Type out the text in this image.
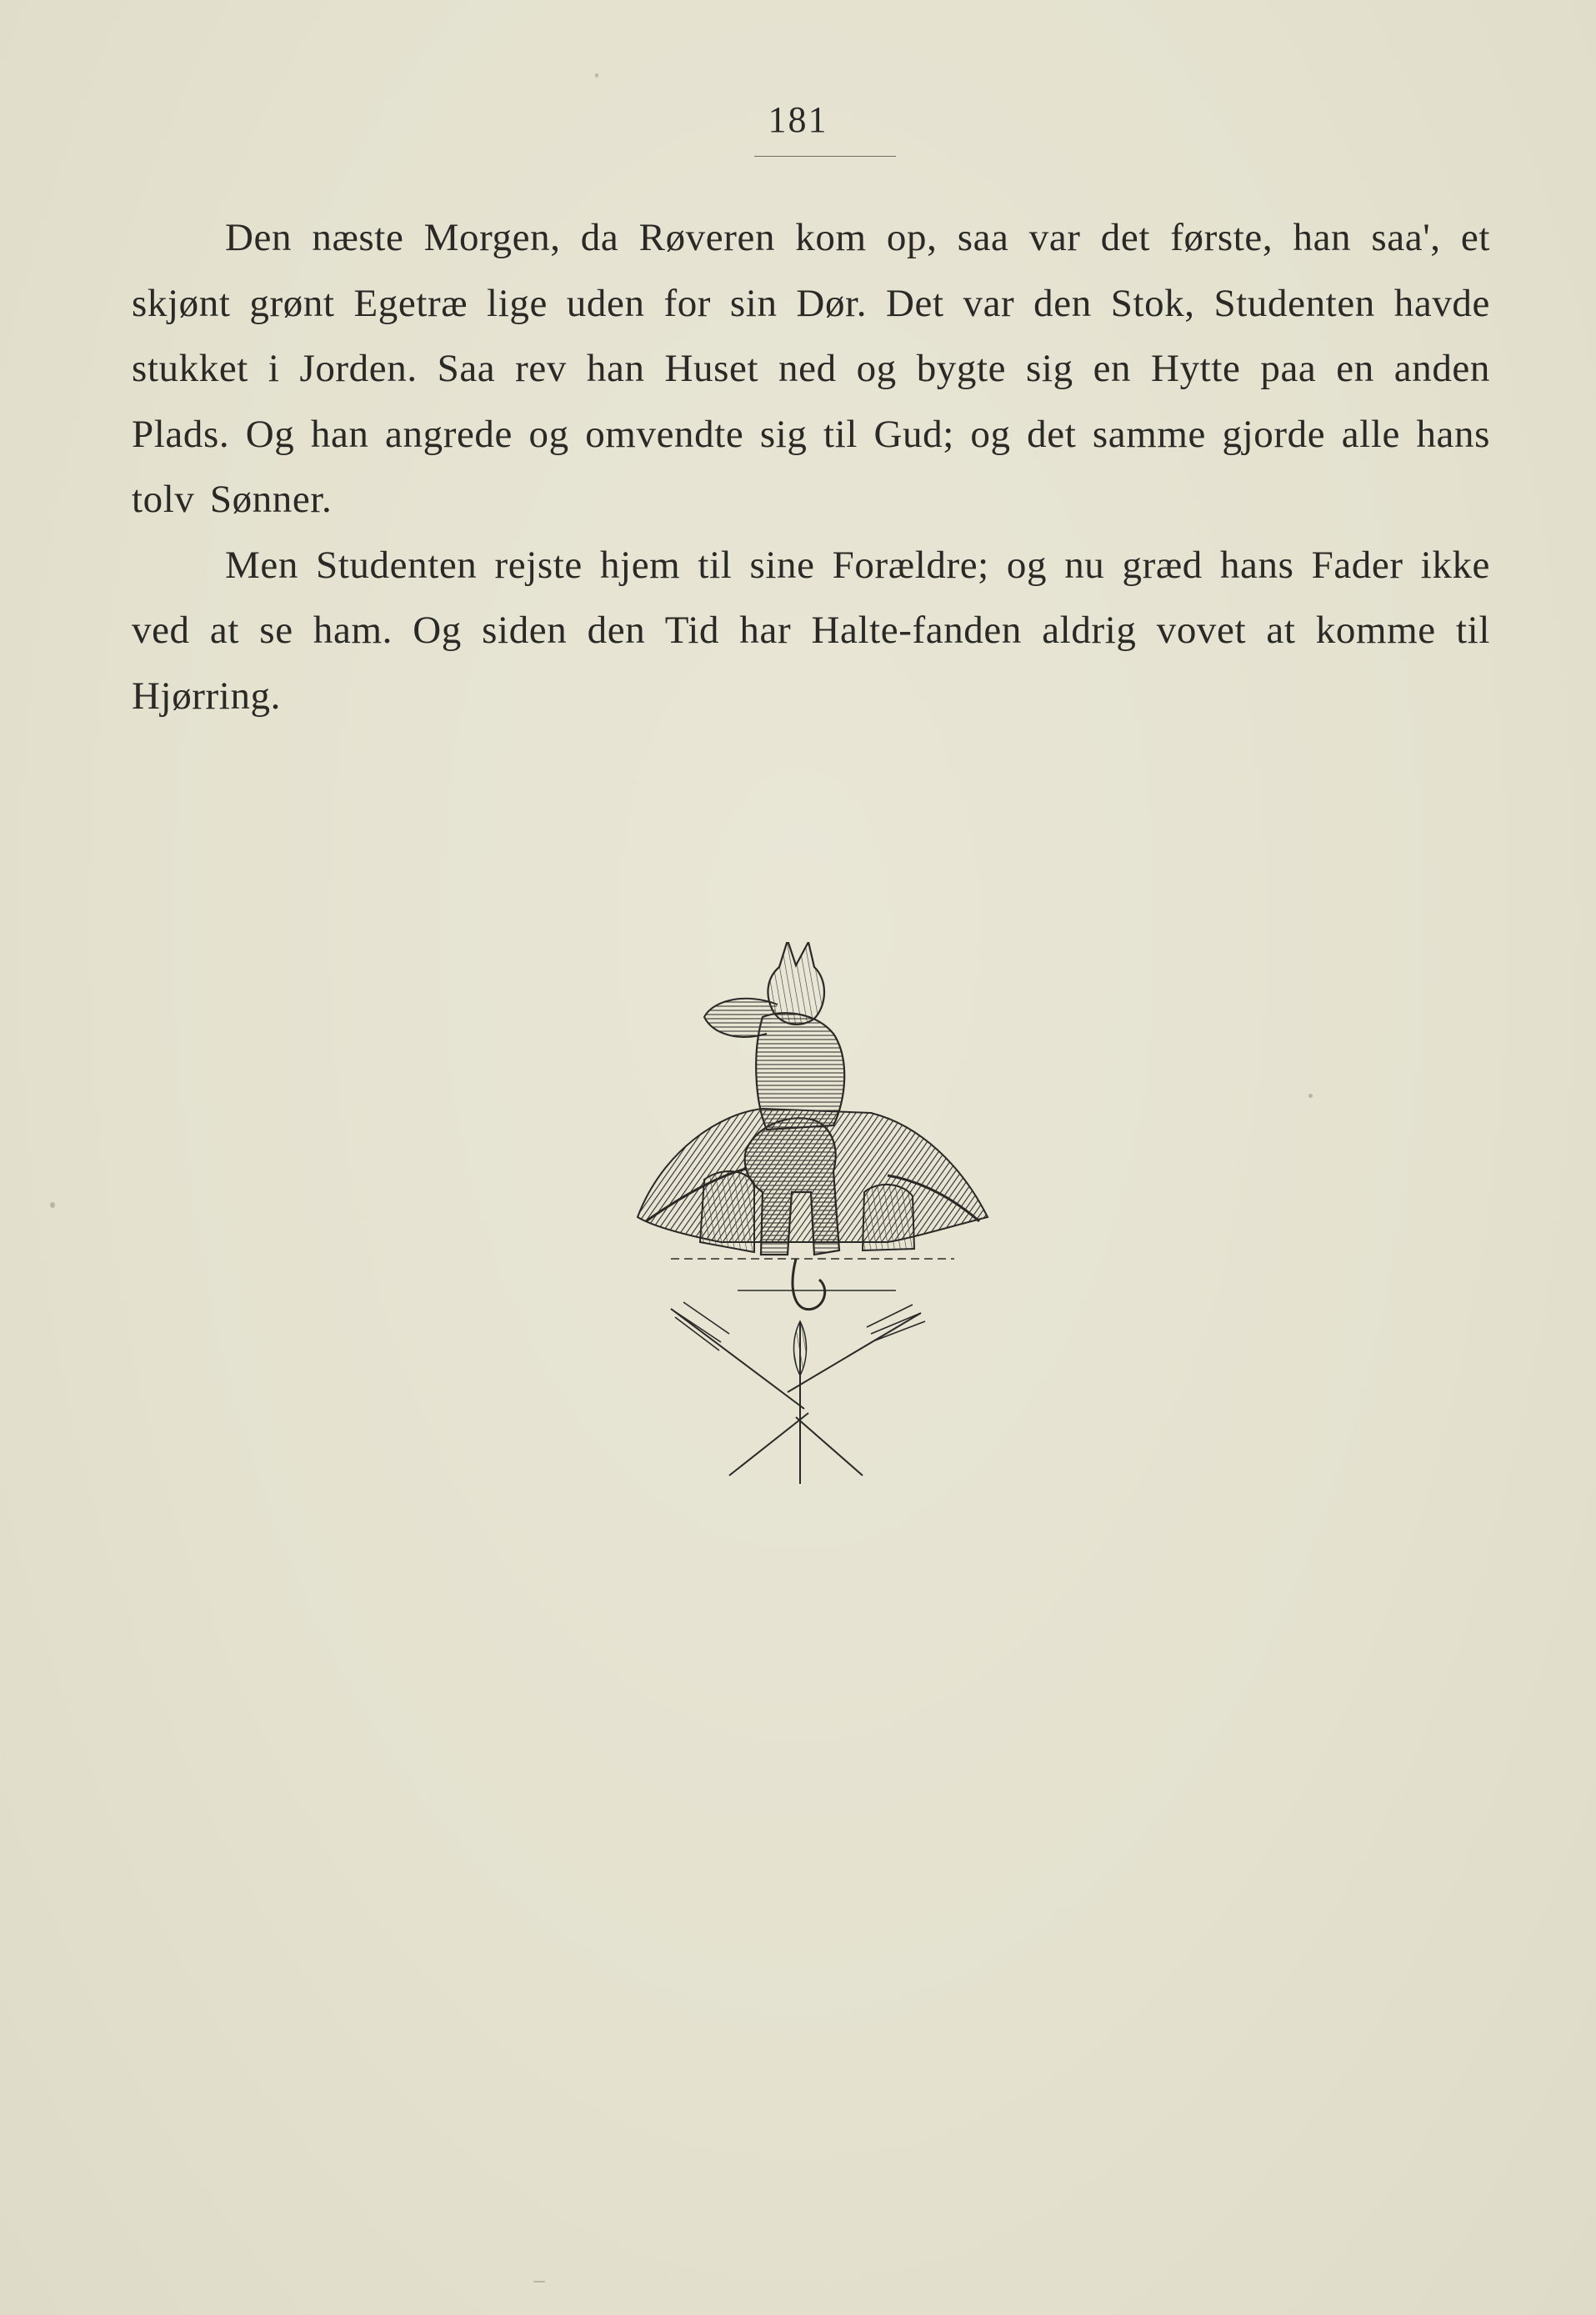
181

Den næste Morgen, da Røveren kom op, saa var det første, han saa', et skjønt grønt Egetræ lige uden for sin Dør. Det var den Stok, Studenten havde stukket i Jorden. Saa rev han Huset ned og bygte sig en Hytte paa en anden Plads. Og han angrede og omvendte sig til Gud; og det samme gjorde alle hans tolv Sønner.

Men Studenten rejste hjem til sine Forældre; og nu græd hans Fader ikke ved at se ham. Og siden den Tid har Halte-fanden aldrig vovet at komme til Hjørring.
